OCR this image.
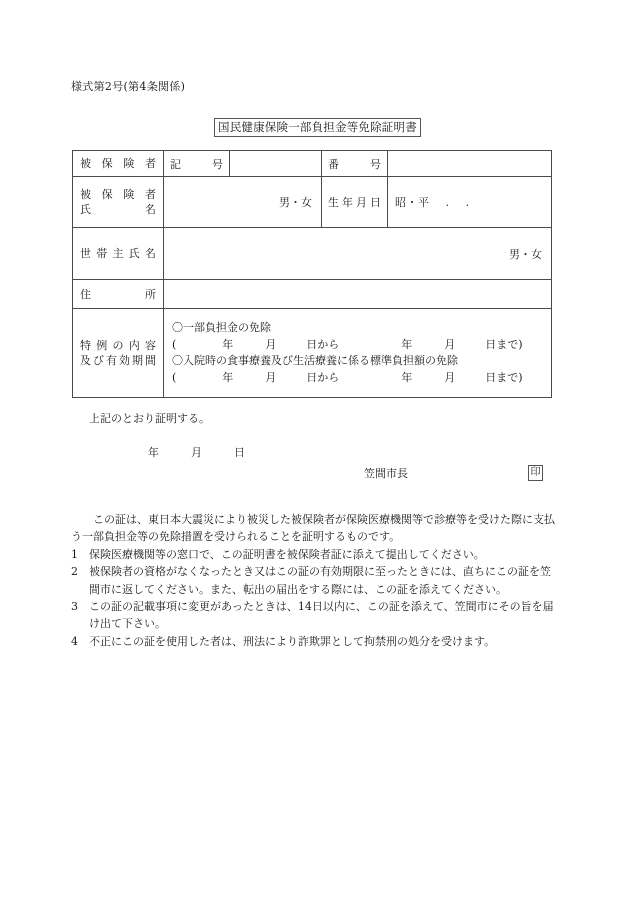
様式第2号(第4条関係)
国民健康保険一部負担金等免除証明書
被保険者	記号		番号	

被保険者
氏名	男・女		生年月日	昭・平 . .

世帯主氏名	男・女			

住所				

特例の内容
及び有効期間

〇一部負担金の免除
(	年	月	日から	年	月	日まで)
〇入院時の食事療養及び生活療養に係る標準負担額の免除
(	年	月	日から	年	月	日まで)
上記のとおり証明する。
年	月	日
笠間市長	印

この証は、東日本大震災により被災した被保険者が保険医療機関等で診療等を受けた際に支払う一部負担金等の免除措置を受けられることを証明するものです。

1 保険医療機関等の窓口で、この証明書を被保険者証に添えて提出してください。

2 被保険者の資格がなくなったとき又はこの証の有効期限に至ったときには、直ちにこの証を笠間市に返してください。また、転出の届出をする際には、この証を添えてください。

3 この証の記載事項に変更があったときは、14日以内に、この証を添えて、笠間市にその旨を届け出て下さい。

4 不正にこの証を使用した者は、刑法により詐欺罪として拘禁刑の処分を受けます。
